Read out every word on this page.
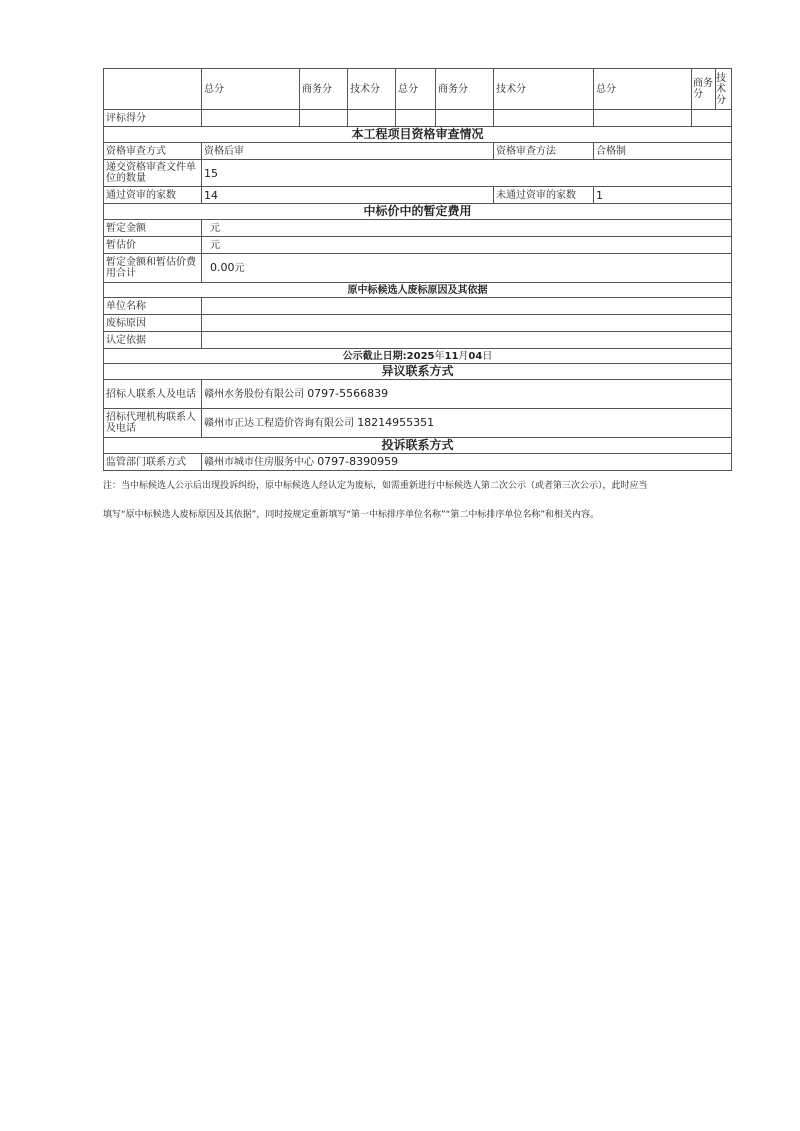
	总分	商务分	技术分	总分	商务分	技术分	总分	商务分	技术分
评标得分									
本工程项目资格审查情况									
资格审查方式	资格后审					资格审查方法	合格制		
递交资格审查文件单位的数量	15								
通过资审的家数	14					未通过资审的家数	1		
中标价中的暂定费用									
暂定金额	元								
暂估价	元								
暂定金额和暂估价费用合计	0.00元								
原中标候选人废标原因及其依据									
单位名称									
废标原因									
认定依据									
公示截止日期:2025年11月04日									
异议联系方式									
招标人联系人及电话	赣州水务股份有限公司 0797-5566839								
招标代理机构联系人及电话	赣州市正达工程造价咨询有限公司 18214955351								
投诉联系方式									
监管部门联系方式	赣州市城市住房服务中心 0797-8390959								

注：当中标候选人公示后出现投诉纠纷，原中标候选人经认定为废标，如需重新进行中标候选人第二次公示（或者第三次公示），此时应当

填写“原中标候选人废标原因及其依据”，同时按规定重新填写“第一中标排序单位名称”“第二中标排序单位名称”和相关内容。
